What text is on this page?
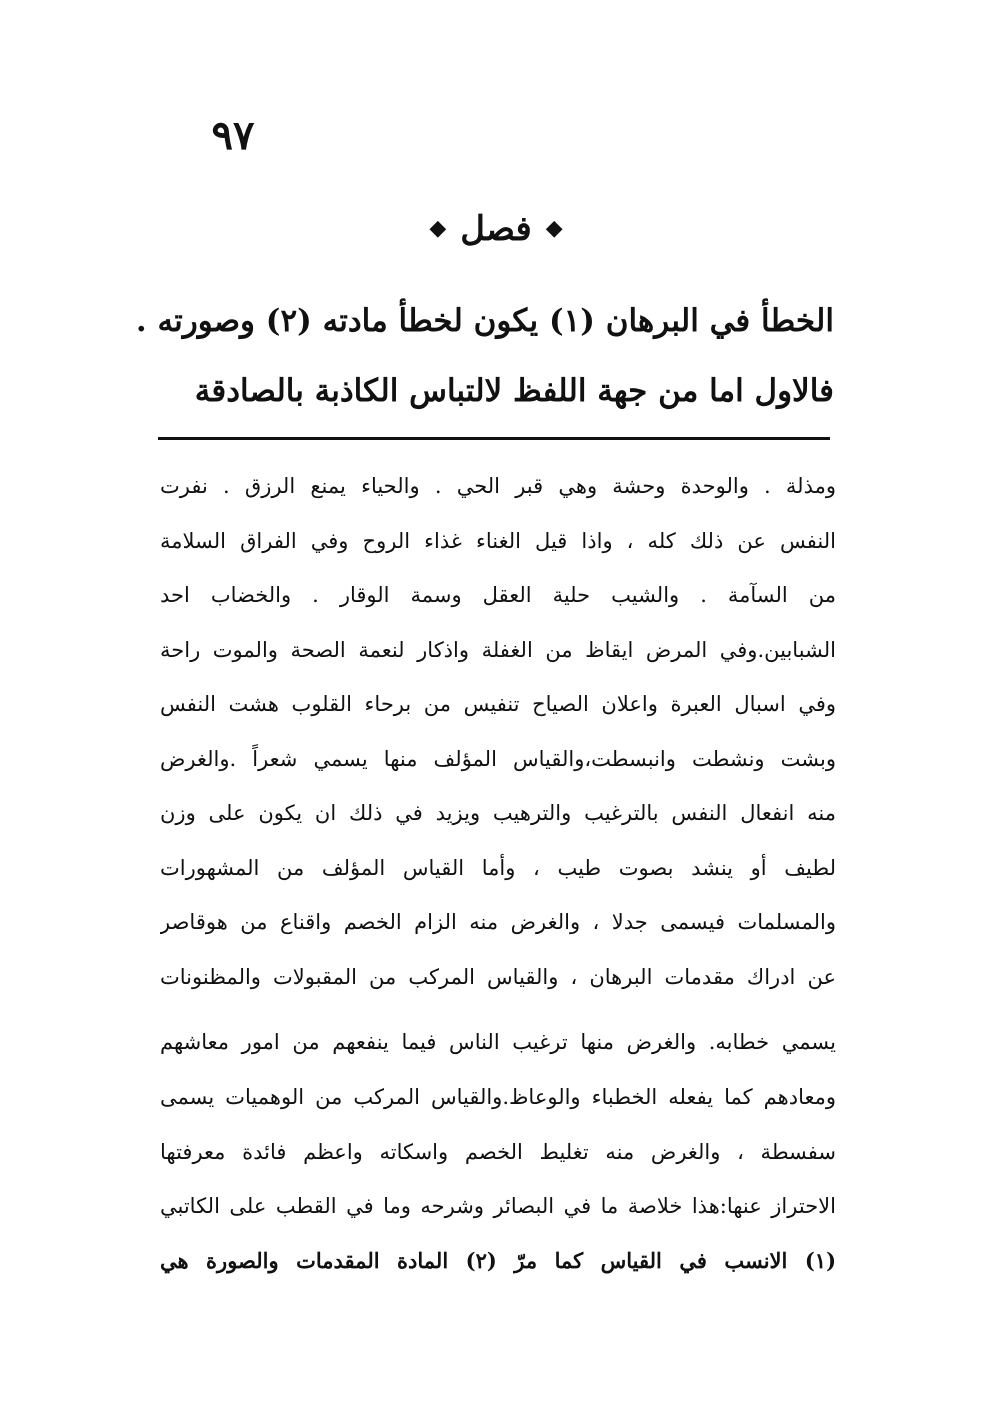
٩٧
◆
فصل
◆
الخطأ في البرهان (١) يكون لخطأ مادته (٢) وصورته .
فالاول اما من جهة اللفظ لالتباس الكاذبة بالصادقة
ومذلة . والوحدة وحشة وهي قبر الحي . والحياء يمنع الرزق . نفرت
النفس عن ذلك كله ، واذا قيل الغناء غذاء الروح وفي الفراق السلامة
من السآمة . والشيب حلية العقل وسمة الوقار . والخضاب احد
الشبابين.وفي المرض ايقاظ من الغفلة واذكار لنعمة الصحة والموت راحة
وفي اسبال العبرة واعلان الصياح تنفيس من برحاء القلوب هشت النفس
وبشت ونشطت وانبسطت،والقياس المؤلف منها يسمي شعراً .والغرض
منه انفعال النفس بالترغيب والترهيب ويزيد في ذلك ان يكون على وزن
لطيف أو ينشد بصوت طيب ، وأما القياس المؤلف من المشهورات
والمسلمات فيسمى جدلا ، والغرض منه الزام الخصم واقناع من هوقاصر
عن ادراك مقدمات البرهان ، والقياس المركب من المقبولات والمظنونات
يسمي خطابه. والغرض منها ترغيب الناس فيما ينفعهم من امور معاشهم
ومعادهم كما يفعله الخطباء والوعاظ.والقياس المركب من الوهميات يسمى
سفسطة ، والغرض منه تغليط الخصم واسكاته واعظم فائدة معرفتها
الاحتراز عنها:هذا خلاصة ما في البصائر وشرحه وما في القطب على الكاتبي
(١) الانسب في القياس كما مرّ (٢) المادة المقدمات والصورة هي
